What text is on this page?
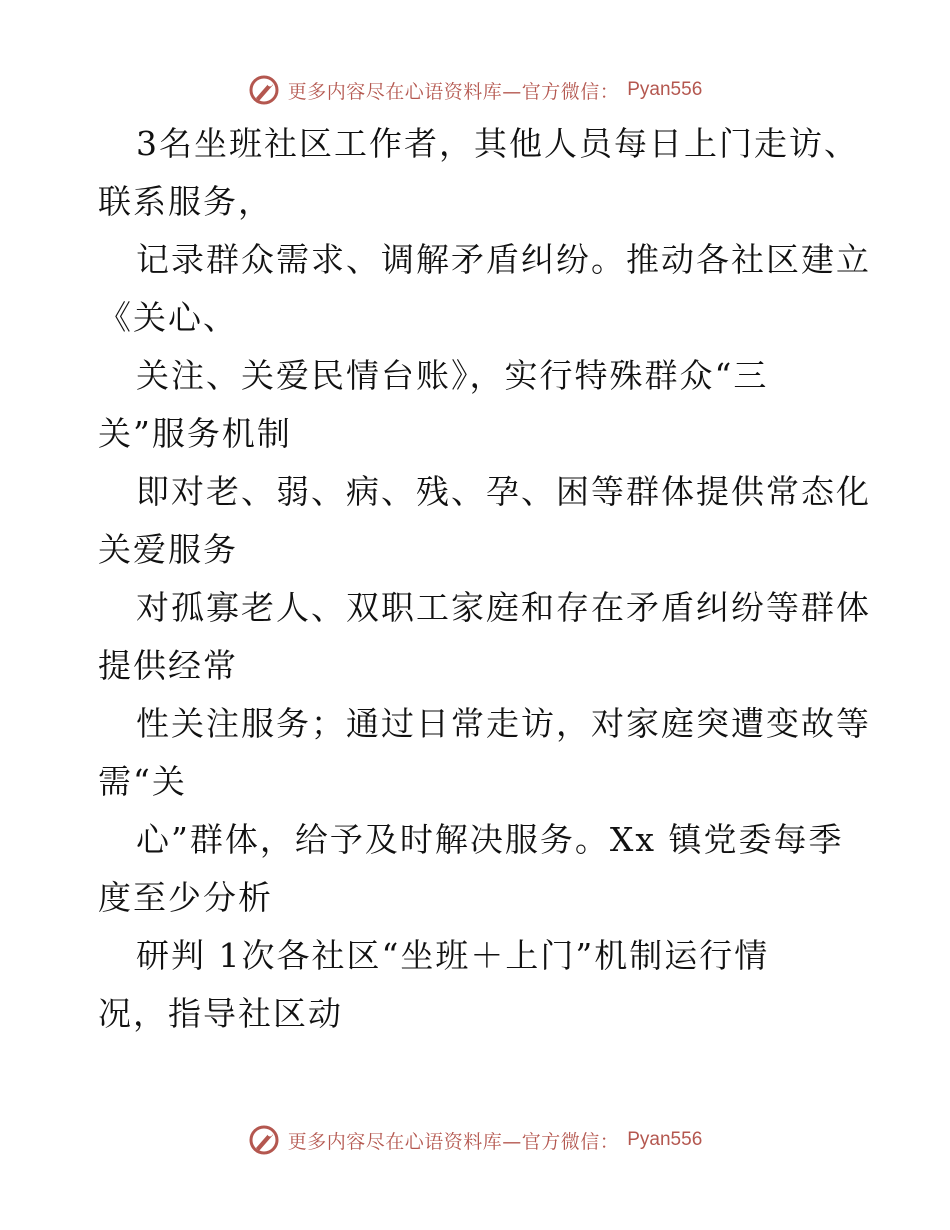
更多内容尽在心语资料库—官方微信： Pyan556
3名坐班社区工作者，其他人员每日上门走访、
联系服务，
记录群众需求、调解矛盾纠纷。推动各社区建立
《关心、
关注、关爱民情台账》，实行特殊群众“三
关”服务机制
即对老、弱、病、残、孕、困等群体提供常态化
关爱服务
对孤寡老人、双职工家庭和存在矛盾纠纷等群体
提供经常
性关注服务；通过日常走访，对家庭突遭变故等
需“关
心”群体，给予及时解决服务。Xx 镇党委每季
度至少分析
研判 1次各社区“坐班＋上门”机制运行情
况，指导社区动
更多内容尽在心语资料库—官方微信： Pyan556
